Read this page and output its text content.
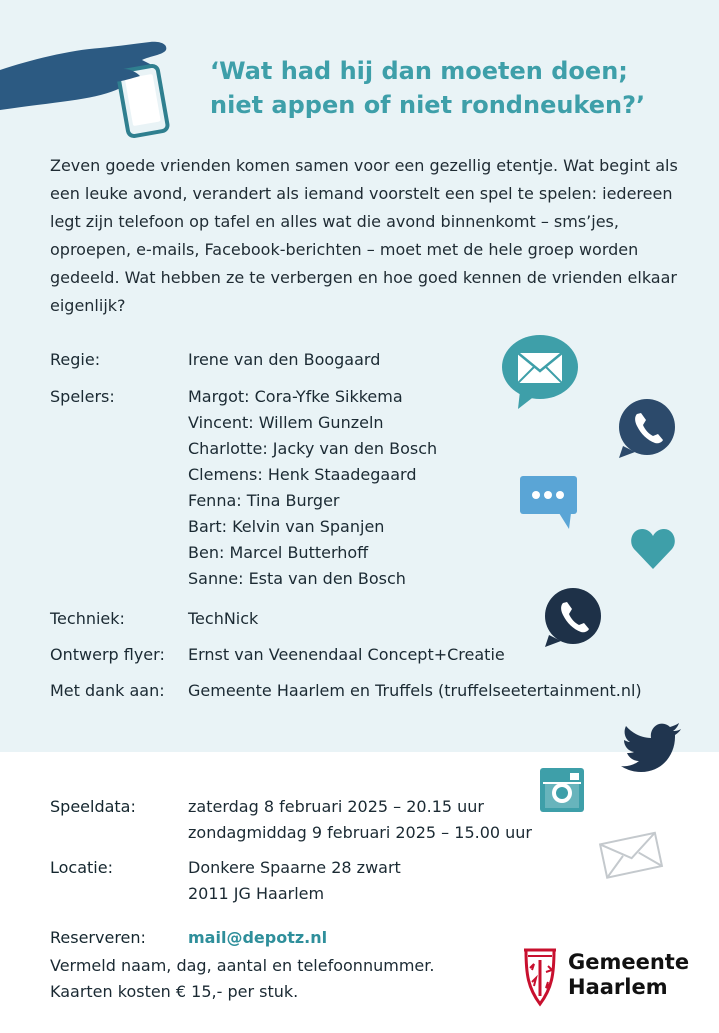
‘Wat had hij dan moeten doen;
niet appen of niet rondneuken?’

Zeven goede vrienden komen samen voor een gezellig etentje. Wat begint als een leuke avond, verandert als iemand voorstelt een spel te spelen: iedereen legt zijn telefoon op tafel en alles wat die avond binnenkomt – sms’jes, oproepen, e-mails, Facebook-berichten – moet met de hele groep worden gedeeld. Wat hebben ze te verbergen en hoe goed kennen de vrienden elkaar eigenlijk?

Regie:	Irene van den Boogaard
Spelers:	Margot: Cora-Yfke Sikkema
Vincent: Willem Gunzeln
Charlotte: Jacky van den Bosch
Clemens: Henk Staadegaard
Fenna: Tina Burger
Bart: Kelvin van Spanjen
Ben: Marcel Butterhoff
Sanne: Esta van den Bosch
Techniek:	TechNick
Ontwerp flyer: Ernst van Veenendaal Concept+Creatie
Met dank aan: Gemeente Haarlem en Truffels (truffelseetertainment.nl)
Speeldata:	zaterdag 8 februari 2025 – 20.15 uur
zondagmiddag 9 februari 2025 – 15.00 uur
Locatie:	Donkere Spaarne 28 zwart
2011 JG Haarlem
Reserveren:	mail@depotz.nl
Vermeld naam, dag, aantal en telefoonnummer.
Kaarten kosten € 15,- per stuk.
Gemeente
Haarlem
